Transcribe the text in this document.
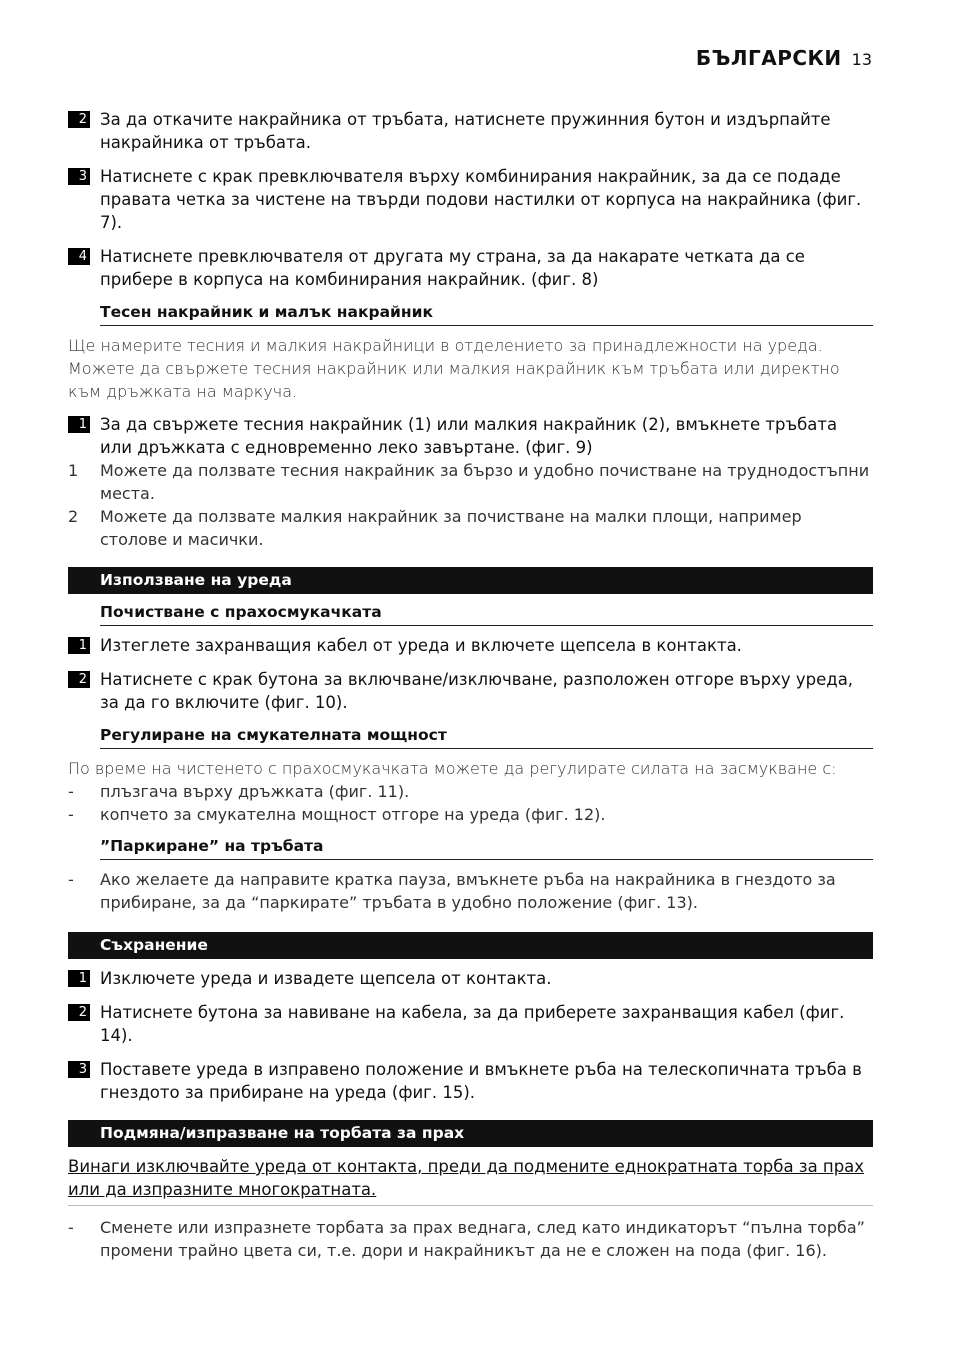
БЪЛГАРСКИ 13
2 За да откачите накрайника от тръбата, натиснете пружинния бутон и издърпайте накрайника от тръбата.
3 Натиснете с крак превключвателя върху комбинирания накрайник, за да се подаде правата четка за чистене на твърди подови настилки от корпуса на накрайника (фиг. 7).
4 Натиснете превключвателя от другата му страна, за да накарате четката да се прибере в корпуса на комбинирания накрайник. (фиг. 8)
Тесен накрайник и малък накрайник
Ще намерите тесния и малкия накрайници в отделението за принадлежности на уреда. Можете да свържете тесния накрайник или малкия накрайник към тръбата или директно към дръжката на маркуча.
1 За да свържете тесния накрайник (1) или малкия накрайник (2), вмъкнете тръбата или дръжката с едновременно леко завъртане. (фиг. 9)
1 Можете да ползвате тесния накрайник за бързо и удобно почистване на труднодостъпни места.
2 Можете да ползвате малкия накрайник за почистване на малки площи, например столове и масички.
Използване на уреда
Почистване с прахосмукачката
1 Изтеглете захранващия кабел от уреда и включете щепсела в контакта.
2 Натиснете с крак бутона за включване/изключване, разположен отгоре върху уреда, за да го включите (фиг. 10).
Регулиране на смукателната мощност
По време на чистенето с прахосмукачката можете да регулирате силата на засмукване с:
- плъзгача върху дръжката (фиг. 11).
- копчето за смукателна мощност отгоре на уреда (фиг. 12).
”Паркиране” на тръбата
- Ако желаете да направите кратка пауза, вмъкнете ръба на накрайника в гнездото за прибиране, за да “паркирате” тръбата в удобно положение (фиг. 13).
Съхранение
1 Изключете уреда и извадете щепсела от контакта.
2 Натиснете бутона за навиване на кабела, за да приберете захранващия кабел (фиг. 14).
3 Поставете уреда в изправено положение и вмъкнете ръба на телескопичната тръба в гнездото за прибиране на уреда (фиг. 15).
Подмяна/изпразване на торбата за прах
Винаги изключвайте уреда от контакта, преди да подмените еднократната торба за прах или да изпразните многократната.
- Сменете или изпразнете торбата за прах веднага, след като индикаторът “пълна торба” промени трайно цвета си, т.е. дори и накрайникът да не е сложен на пода (фиг. 16).
